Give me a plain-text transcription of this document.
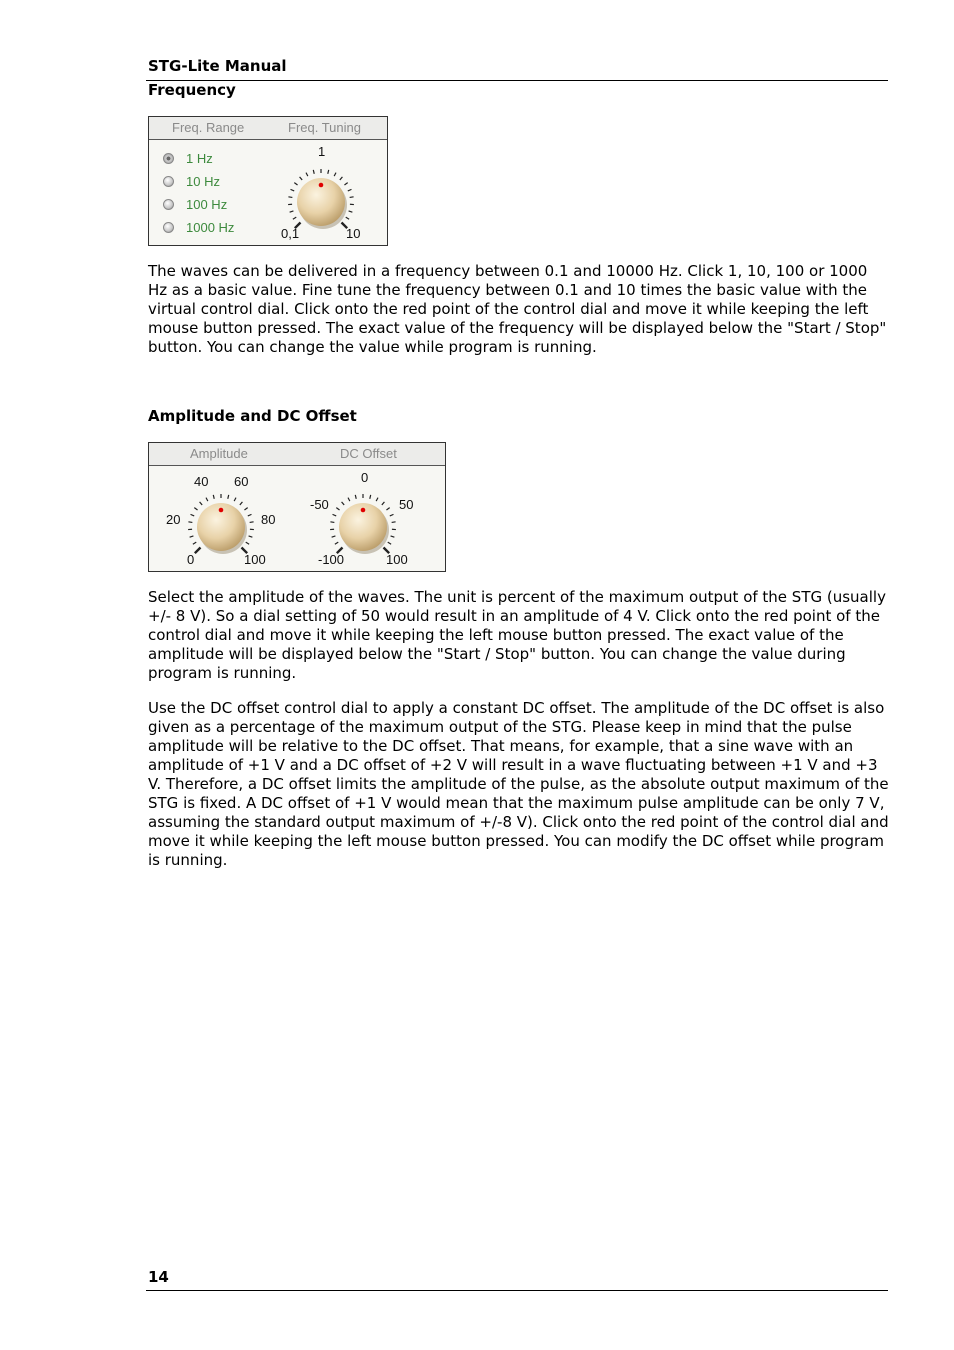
STG-Lite Manual
Frequency
Freq. Range	Freq. Tuning
1 Hz
10 Hz
100 Hz
1000 Hz
1
0,1	10

The waves can be delivered in a frequency between 0.1 and 10000 Hz. Click 1, 10, 100 or 1000 Hz as a basic value. Fine tune the frequency between 0.1 and 10 times the basic value with the virtual control dial. Click onto the red point of the control dial and move it while keeping the left mouse button pressed. The exact value of the frequency will be displayed below the "Start / Stop" button. You can change the value while program is running.

Amplitude and DC Offset
Amplitude	DC Offset
40 60
20	80
0	100
0
-50	50
-100	100

Select the amplitude of the waves. The unit is percent of the maximum output of the STG (usually +/- 8 V). So a dial setting of 50 would result in an amplitude of 4 V. Click onto the red point of the control dial and move it while keeping the left mouse button pressed. The exact value of the amplitude will be displayed below the "Start / Stop" button. You can change the value during program is running.

Use the DC offset control dial to apply a constant DC offset. The amplitude of the DC offset is also given as a percentage of the maximum output of the STG. Please keep in mind that the pulse amplitude will be relative to the DC offset. That means, for example, that a sine wave with an amplitude of +1 V and a DC offset of +2 V will result in a wave fluctuating between +1 V and +3 V. Therefore, a DC offset limits the amplitude of the pulse, as the absolute output maximum of the STG is fixed. A DC offset of +1 V would mean that the maximum pulse amplitude can be only 7 V, assuming the standard output maximum of +/-8 V). Click onto the red point of the control dial and move it while keeping the left mouse button pressed. You can modify the DC offset while program is running.

14
